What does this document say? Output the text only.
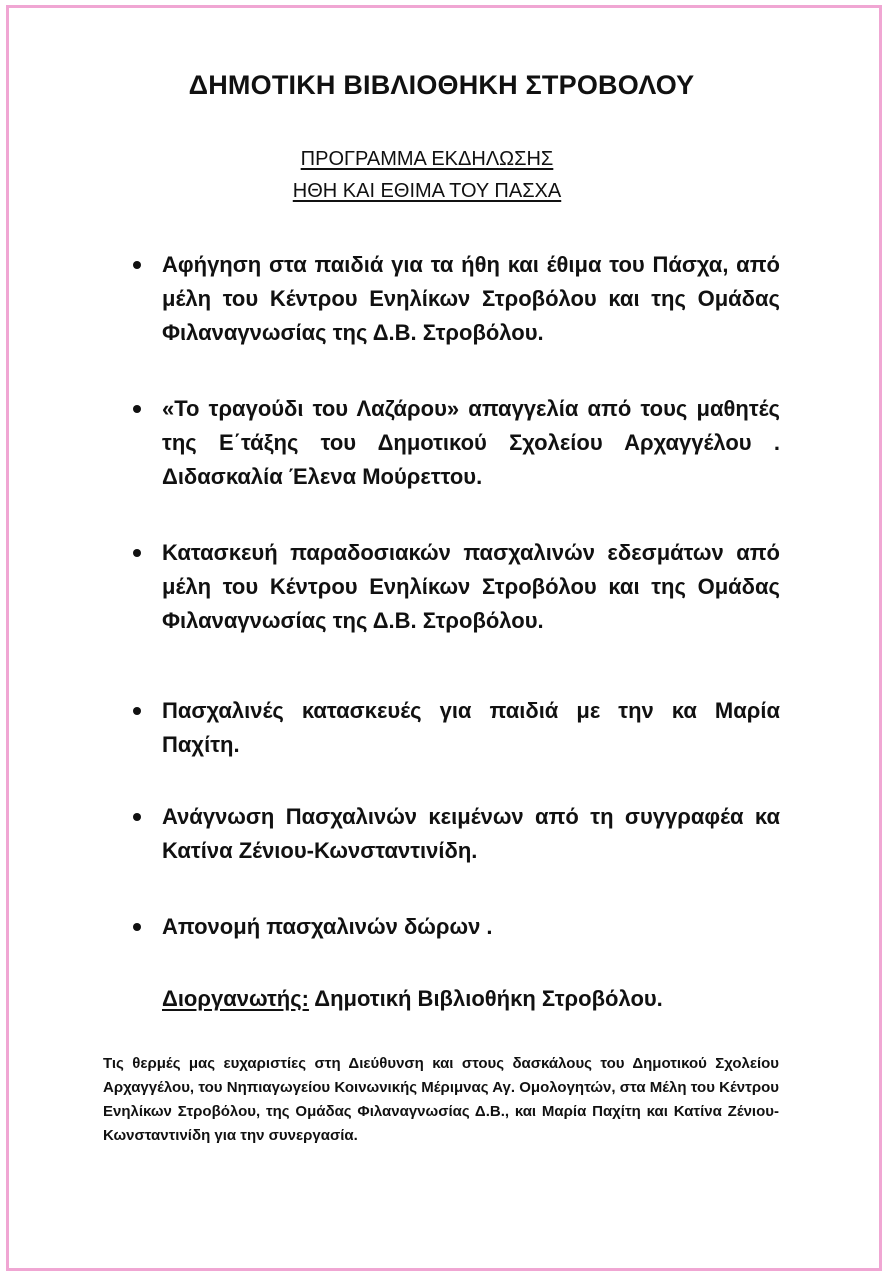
ΔΗΜΟΤΙΚΗ ΒΙΒΛΙΟΘΗΚΗ ΣΤΡΟΒΟΛΟΥ
ΠΡΟΓΡΑΜΜΑ ΕΚΔΗΛΩΣΗΣ
ΗΘΗ ΚΑΙ ΕΘΙΜΑ ΤΟΥ ΠΑΣΧΑ
Αφήγηση στα παιδιά για τα ήθη και έθιμα του Πάσχα, από μέλη του Κέντρου Ενηλίκων Στροβόλου και της Ομάδας Φιλαναγνωσίας της Δ.Β. Στροβόλου.
«Το τραγούδι του Λαζάρου» απαγγελία από τους μαθητές της Ε΄τάξης του Δημοτικού Σχολείου Αρχαγγέλου . Διδασκαλία Έλενα Μούρεττου.
Κατασκευή παραδοσιακών πασχαλινών εδεσμάτων από μέλη του Κέντρου Ενηλίκων Στροβόλου και της Ομάδας Φιλαναγνωσίας της Δ.Β. Στροβόλου.
Πασχαλινές κατασκευές για παιδιά με την κα Μαρία Παχίτη.
Ανάγνωση Πασχαλινών κειμένων από τη συγγραφέα κα Κατίνα Ζένιου-Κωνσταντινίδη.
Απονομή πασχαλινών δώρων .
Διοργανωτής: Δημοτική Βιβλιοθήκη Στροβόλου.
Τις θερμές μας ευχαριστίες στη Διεύθυνση και στους δασκάλους του Δημοτικού Σχολείου Αρχαγγέλου, του Νηπιαγωγείου Κοινωνικής Μέριμνας Αγ. Ομολογητών, στα Μέλη του Κέντρου Ενηλίκων Στροβόλου, της Ομάδας Φιλαναγνωσίας Δ.Β., και Μαρία Παχίτη και Κατίνα Ζένιου-Κωνσταντινίδη για την συνεργασία.
